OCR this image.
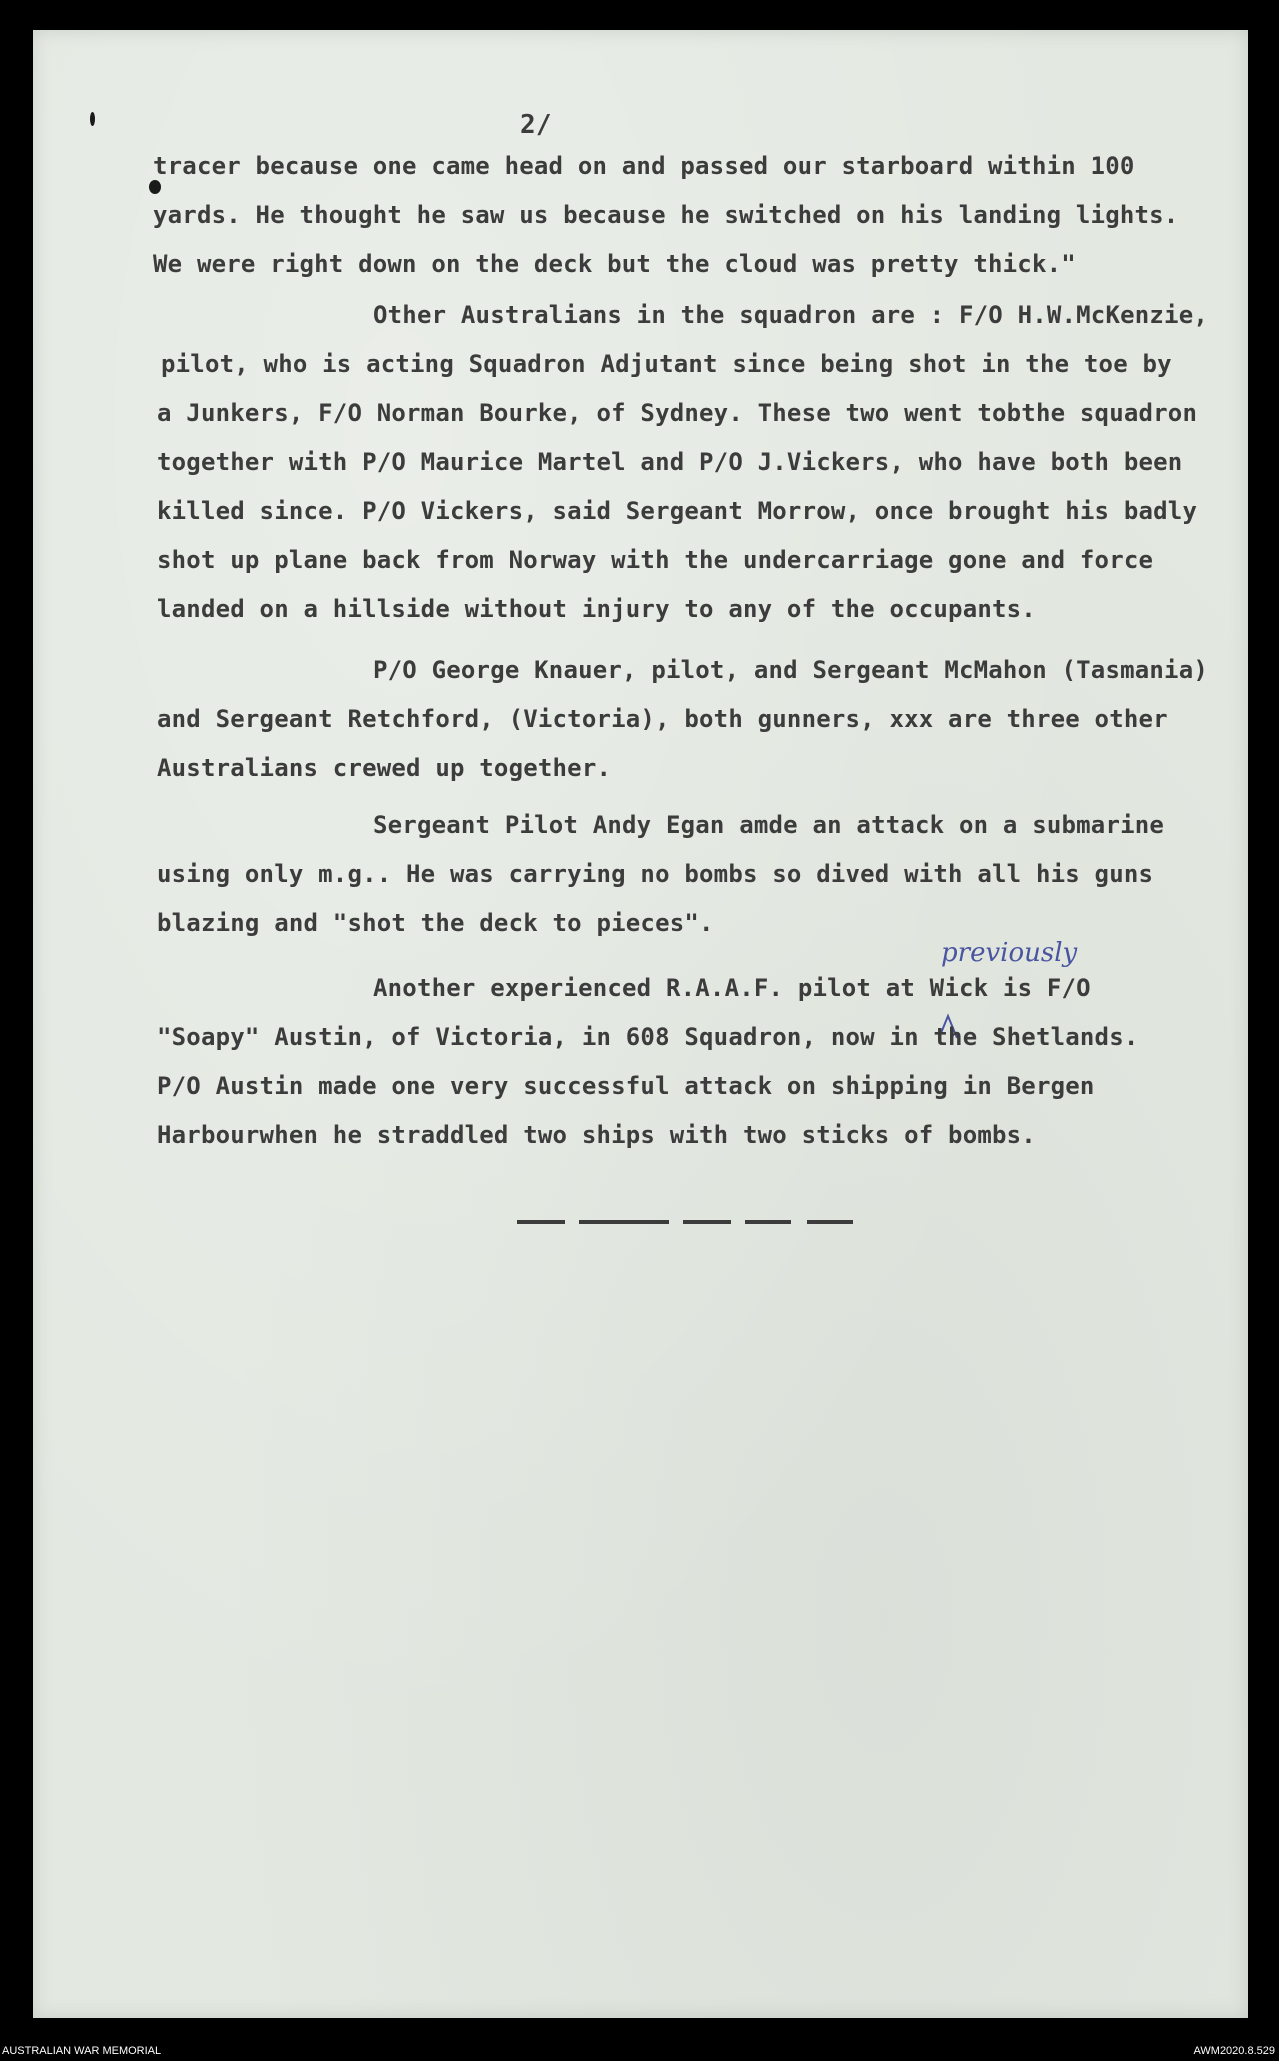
2/
tracer because one came head on and passed our starboard within 100
yards. He thought he saw us because he switched on his landing lights.
We were right down on the deck but the cloud was pretty thick."
Other Australians in the squadron are : F/O H.W.McKenzie,
pilot, who is acting Squadron Adjutant since being shot in the toe by
a Junkers, F/O Norman Bourke, of Sydney. These two went tobthe squadron
together with P/O Maurice Martel and P/O J.Vickers, who have both been
killed since. P/O Vickers, said Sergeant Morrow, once brought his badly
shot up plane back from Norway with the undercarriage gone and force
landed on a hillside without injury to any of the occupants.
P/O George Knauer, pilot, and Sergeant McMahon (Tasmania)
and Sergeant Retchford, (Victoria), both gunners, xxx are three other
Australians crewed up together.
Sergeant Pilot Andy Egan amde an attack on a submarine
using only m.g.. He was carrying no bombs so dived with all his guns
blazing and "shot the deck to pieces".
Another experienced R.A.A.F. pilot at Wick is F/O
previously
"Soapy" Austin, of Victoria, in 608 Squadron, now in the Shetlands.
P/O Austin made one very successful attack on shipping in Bergen
Harbourwhen he straddled two ships with two sticks of bombs.
AUSTRALIAN WAR MEMORIAL	AWM2020.8.529
